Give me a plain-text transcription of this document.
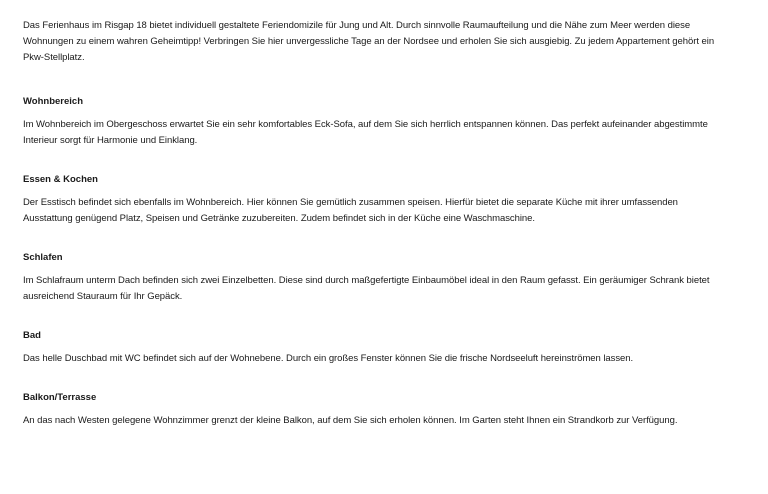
Das Ferienhaus im Risgap 18 bietet individuell gestaltete Feriendomizile für Jung und Alt. Durch sinnvolle Raumaufteilung und die Nähe zum Meer werden diese Wohnungen zu einem wahren Geheimtipp! Verbringen Sie hier unvergessliche Tage an der Nordsee und erholen Sie sich ausgiebig. Zu jedem Appartement gehört ein Pkw-Stellplatz.

Wohnbereich

Im Wohnbereich im Obergeschoss erwartet Sie ein sehr komfortables Eck-Sofa, auf dem Sie sich herrlich entspannen können. Das perfekt aufeinander abgestimmte Interieur sorgt für Harmonie und Einklang.

Essen & Kochen

Der Esstisch befindet sich ebenfalls im Wohnbereich. Hier können Sie gemütlich zusammen speisen. Hierfür bietet die separate Küche mit ihrer umfassenden Ausstattung genügend Platz, Speisen und Getränke zuzubereiten. Zudem befindet sich in der Küche eine Waschmaschine.

Schlafen

Im Schlafraum unterm Dach befinden sich zwei Einzelbetten. Diese sind durch maßgefertigte Einbaumöbel ideal in den Raum gefasst. Ein geräumiger Schrank bietet ausreichend Stauraum für Ihr Gepäck.

Bad

Das helle Duschbad mit WC befindet sich auf der Wohnebene. Durch ein großes Fenster können Sie die frische Nordseeluft hereinströmen lassen.

Balkon/Terrasse

An das nach Westen gelegene Wohnzimmer grenzt der kleine Balkon, auf dem Sie sich erholen können. Im Garten steht Ihnen ein Strandkorb zur Verfügung.
